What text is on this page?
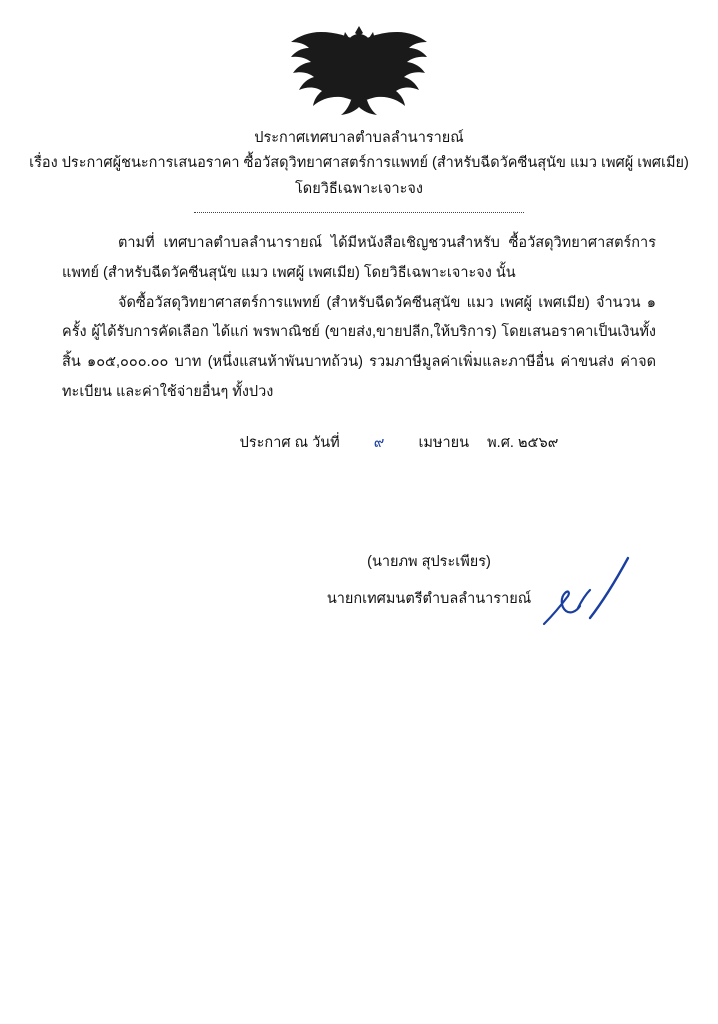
ประกาศเทศบาลตำบลลำนารายณ์
เรื่อง ประกาศผู้ชนะการเสนอราคา ซื้อวัสดุวิทยาศาสตร์การแพทย์ (สำหรับฉีดวัคซีนสุนัข แมว เพศผู้ เพศเมีย)
โดยวิธีเฉพาะเจาะจง

ตามที่ เทศบาลตำบลลำนารายณ์ ได้มีหนังสือเชิญชวนสำหรับ ซื้อวัสดุวิทยาศาสตร์การแพทย์ (สำหรับฉีดวัคซีนสุนัข แมว เพศผู้ เพศเมีย) โดยวิธีเฉพาะเจาะจง นั้น

จัดซื้อวัสดุวิทยาศาสตร์การแพทย์ (สำหรับฉีดวัคซีนสุนัข แมว เพศผู้ เพศเมีย) จำนวน ๑ ครั้ง ผู้ได้รับการคัดเลือก ได้แก่ พรพาณิชย์ (ขายส่ง,ขายปลีก,ให้บริการ) โดยเสนอราคาเป็นเงินทั้งสิ้น ๑๐๕,๐๐๐.๐๐ บาท (หนึ่งแสนห้าพันบาทถ้วน) รวมภาษีมูลค่าเพิ่มและภาษีอื่น ค่าขนส่ง ค่าจดทะเบียน และค่าใช้จ่ายอื่นๆ ทั้งปวง

ประกาศ ณ วันที่ ๙ เมษายน พ.ศ. ๒๕๖๙
(นายภพ สุประเพียร)
นายกเทศมนตรีตำบลลำนารายณ์
